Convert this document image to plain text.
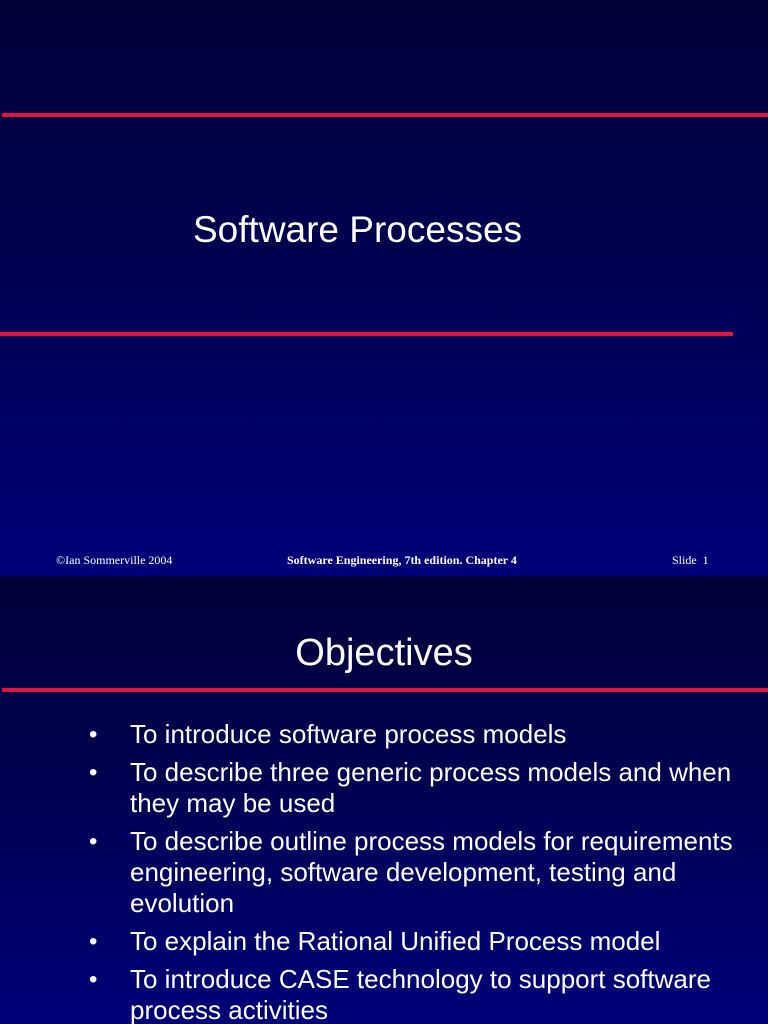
Software Processes
©Ian Sommerville 2004	Software Engineering, 7th edition. Chapter 4	Slide 1
Objectives
• To introduce software process models
• To describe three generic process models and when they may be used
• To describe outline process models for requirements engineering, software development, testing and evolution
• To explain the Rational Unified Process model
• To introduce CASE technology to support software process activities
